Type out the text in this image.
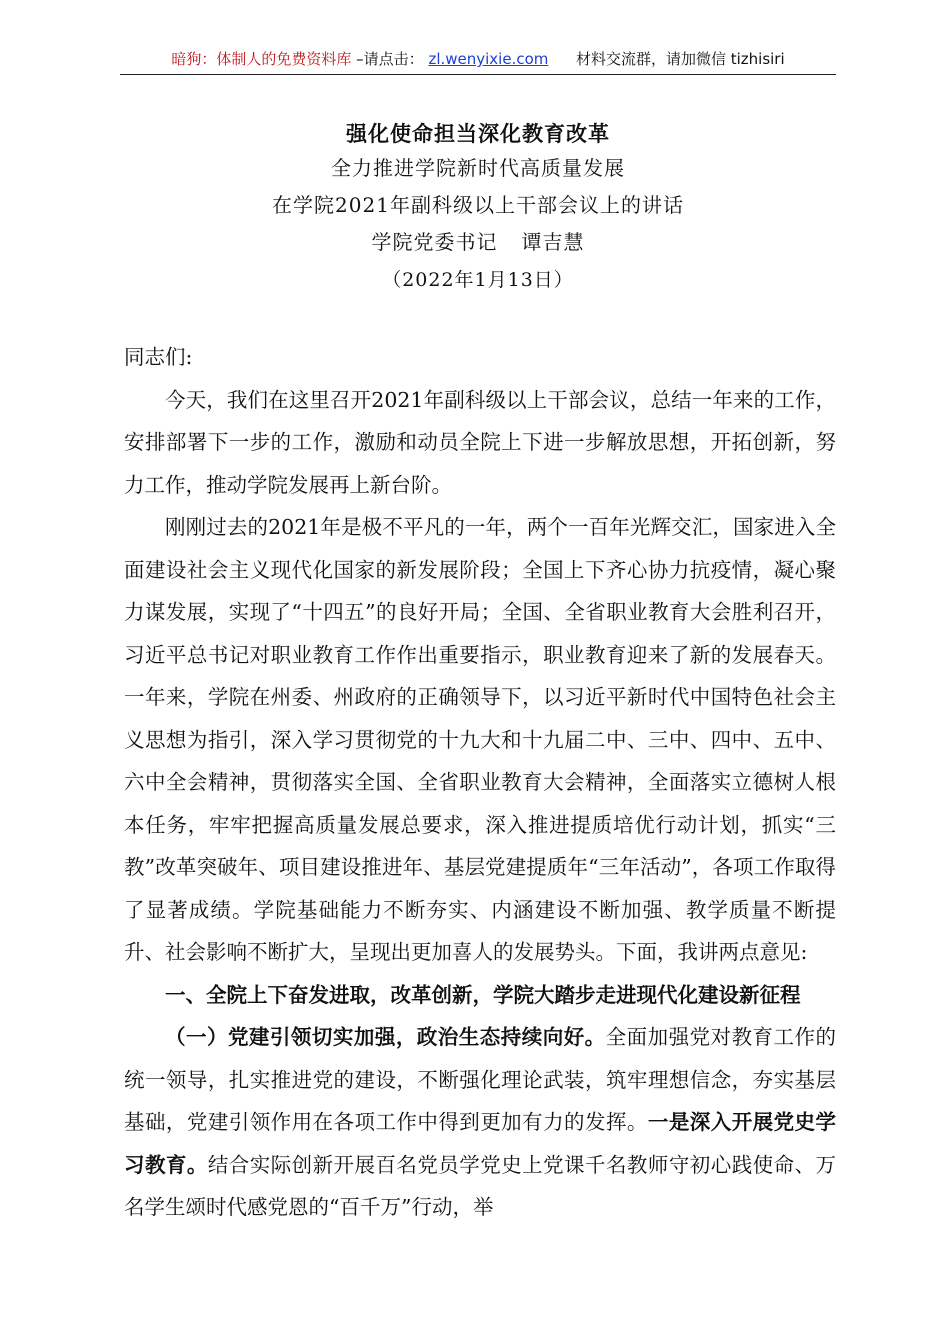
暗狗：体制人的免费资料库 –请点击： zl.wenyixie.com 材料交流群，请加微信 tizhisiri
强化使命担当深化教育改革
全力推进学院新时代高质量发展
在学院2021年副科级以上干部会议上的讲话
学院党委书记 谭吉慧
（2022年1月13日）

同志们:

今天，我们在这里召开2021年副科级以上干部会议，总结一年来的工作，安排部署下一步的工作，激励和动员全院上下进一步解放思想，开拓创新，努力工作，推动学院发展再上新台阶。

刚刚过去的2021年是极不平凡的一年，两个一百年光辉交汇，国家进入全面建设社会主义现代化国家的新发展阶段；全国上下齐心协力抗疫情，凝心聚力谋发展，实现了“十四五”的良好开局；全国、全省职业教育大会胜利召开，习近平总书记对职业教育工作作出重要指示，职业教育迎来了新的发展春天。一年来，学院在州委、州政府的正确领导下，以习近平新时代中国特色社会主义思想为指引，深入学习贯彻党的十九大和十九届二中、三中、四中、五中、六中全会精神，贯彻落实全国、全省职业教育大会精神，全面落实立德树人根本任务，牢牢把握高质量发展总要求，深入推进提质培优行动计划，抓实“三教”改革突破年、项目建设推进年、基层党建提质年“三年活动”，各项工作取得了显著成绩。学院基础能力不断夯实、内涵建设不断加强、教学质量不断提升、社会影响不断扩大，呈现出更加喜人的发展势头。下面，我讲两点意见:

一、全院上下奋发进取，改革创新，学院大踏步走进现代化建设新征程

（一）党建引领切实加强，政治生态持续向好。全面加强党对教育工作的统一领导，扎实推进党的建设，不断强化理论武装，筑牢理想信念，夯实基层基础，党建引领作用在各项工作中得到更加有力的发挥。一是深入开展党史学习教育。结合实际创新开展百名党员学党史上党课千名教师守初心践使命、万名学生颂时代感党恩的“百千万”行动，举
